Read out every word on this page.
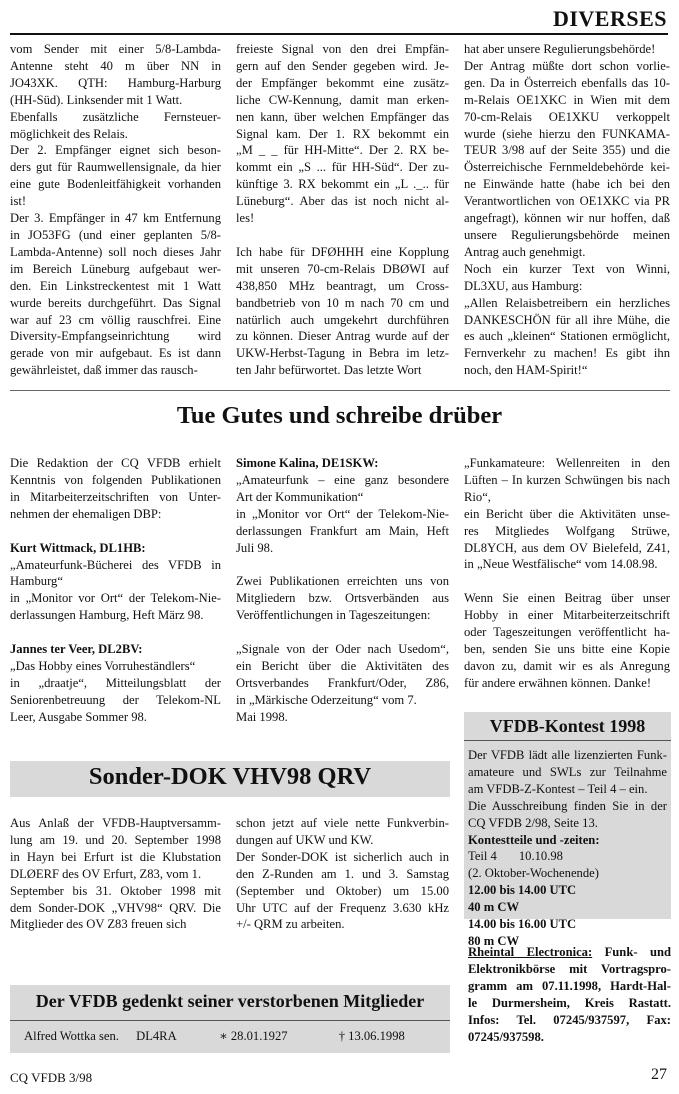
DIVERSES
vom Sender mit einer 5/8-Lambda-
Antenne steht 40 m über NN in
JO43XK. QTH: Hamburg-Harburg
(HH-Süd). Linksender mit 1 Watt.
Ebenfalls zusätzliche Fernsteuer-
möglichkeit des Relais.
Der 2. Empfänger eignet sich beson-
ders gut für Raumwellensignale, da hier
eine gute Bodenleitfähigkeit vorhanden
ist!
Der 3. Empfänger in 47 km Entfernung
in JO53FG (und einer geplanten 5/8-
Lambda-Antenne) soll noch dieses Jahr
im Bereich Lüneburg aufgebaut wer-
den. Ein Linkstreckentest mit 1 Watt
wurde bereits durchgeführt. Das Signal
war auf 23 cm völlig rauschfrei. Eine
Diversity-Empfangseinrichtung wird
gerade von mir aufgebaut. Es ist dann
gewährleistet, daß immer das rausch-
freieste Signal von den drei Empfän-
gern auf den Sender gegeben wird. Je-
der Empfänger bekommt eine zusätz-
liche CW-Kennung, damit man erken-
nen kann, über welchen Empfänger das
Signal kam. Der 1. RX bekommt ein
„M _ _ für HH-Mitte“. Der 2. RX be-
kommt ein „S ... für HH-Süd“. Der zu-
künftige 3. RX bekommt ein „L ._.. für
Lüneburg“. Aber das ist noch nicht al-
les!

Ich habe für DFØHHH eine Kopplung
mit unseren 70-cm-Relais DBØWI auf
438,850 MHz beantragt, um Cross-
bandbetrieb von 10 m nach 70 cm und
natürlich auch umgekehrt durchführen
zu können. Dieser Antrag wurde auf der
UKW-Herbst-Tagung in Bebra im letz-
ten Jahr befürwortet. Das letzte Wort
hat aber unsere Regulierungsbehörde!
Der Antrag müßte dort schon vorlie-
gen. Da in Österreich ebenfalls das 10-
m-Relais OE1XKC in Wien mit dem
70-cm-Relais OE1XKU verkoppelt
wurde (siehe hierzu den FUNKAMA-
TEUR 3/98 auf der Seite 355) und die
Österreichische Fernmeldebehörde kei-
ne Einwände hatte (habe ich bei den
Verantwortlichen von OE1XKC via PR
angefragt), können wir nur hoffen, daß
unsere Regulierungsbehörde meinen
Antrag auch genehmigt.
Noch ein kurzer Text von Winni,
DL3XU, aus Hamburg:
„Allen Relaisbetreibern ein herzliches
DANKESCHÖN für all ihre Mühe, die
es auch „kleinen“ Stationen ermöglicht,
Fernverkehr zu machen! Es gibt ihn
noch, den HAM-Spirit!“
Tue Gutes und schreibe drüber
Die Redaktion der CQ VFDB erhielt
Kenntnis von folgenden Publikationen
in Mitarbeiterzeitschriften von Unter-
nehmen der ehemaligen DBP:
Kurt Wittmack, DL1HB:
„Amateurfunk-Bücherei des VFDB in
Hamburg“
in „Monitor vor Ort“ der Telekom-Nie-
derlassungen Hamburg, Heft März 98.
Jannes ter Veer, DL2BV:
„Das Hobby eines Vorruheständlers“
in „draatje“, Mitteilungsblatt der
Seniorenbetreuung der Telekom-NL
Leer, Ausgabe Sommer 98.
Simone Kalina, DE1SKW:
„Amateurfunk – eine ganz besondere
Art der Kommunikation“
in „Monitor vor Ort“ der Telekom-Nie-
derlassungen Frankfurt am Main, Heft
Juli 98.
Zwei Publikationen erreichten uns von
Mitgliedern bzw. Ortsverbänden aus
Veröffentlichungen in Tageszeitungen:
„Signale von der Oder nach Usedom“,
ein Bericht über die Aktivitäten des
Ortsverbandes Frankfurt/Oder, Z86,
in „Märkische Oderzeitung“ vom 7.
Mai 1998.
„Funkamateure: Wellenreiten in den
Lüften – In kurzen Schwüngen bis nach
Rio“,
ein Bericht über die Aktivitäten unse-
res Mitgliedes Wolfgang Strüwe,
DL8YCH, aus dem OV Bielefeld, Z41,
in „Neue Westfälische“ vom 14.08.98.
Wenn Sie einen Beitrag über unser
Hobby in einer Mitarbeiterzeitschrift
oder Tageszeitungen veröffentlicht ha-
ben, senden Sie uns bitte eine Kopie
davon zu, damit wir es als Anregung
für andere erwähnen können. Danke!
VFDB-Kontest 1998
Der VFDB lädt alle lizenzierten Funk-
amateure und SWLs zur Teilnahme
am VFDB-Z-Kontest – Teil 4 – ein.
Die Ausschreibung finden Sie in der
CQ VFDB 2/98, Seite 13.
Kontestteile und -zeiten:
Teil 4 10.10.98
(2. Oktober-Wochenende)
12.00 bis 14.00 UTC40 m CW
14.00 bis 16.00 UTC80 m CW
Sonder-DOK VHV98 QRV
Aus Anlaß der VFDB-Hauptversamm-
lung am 19. und 20. September 1998
in Hayn bei Erfurt ist die Klubstation
DLØERF des OV Erfurt, Z83, vom 1.
September bis 31. Oktober 1998 mit
dem Sonder-DOK „VHV98“ QRV. Die
Mitglieder des OV Z83 freuen sich
schon jetzt auf viele nette Funkverbin-
dungen auf UKW und KW.
Der Sonder-DOK ist sicherlich auch in
den Z-Runden am 1. und 3. Samstag
(September und Oktober) um 15.00
Uhr UTC auf der Frequenz 3.630 kHz
+/- QRM zu arbeiten.
Rheintal Electronica: Funk- und
Elektronikbörse mit Vortragspro-
gramm am 07.11.1998, Hardt-Hal-
le Durmersheim, Kreis Rastatt.
Infos: Tel. 07245/937597, Fax:
07245/937598.
Der VFDB gedenkt seiner verstorbenen Mitglieder
Alfred Wottka sen. DL4RA	∗ 28.01.1927	† 13.06.1998
CQ VFDB 3/98	27
